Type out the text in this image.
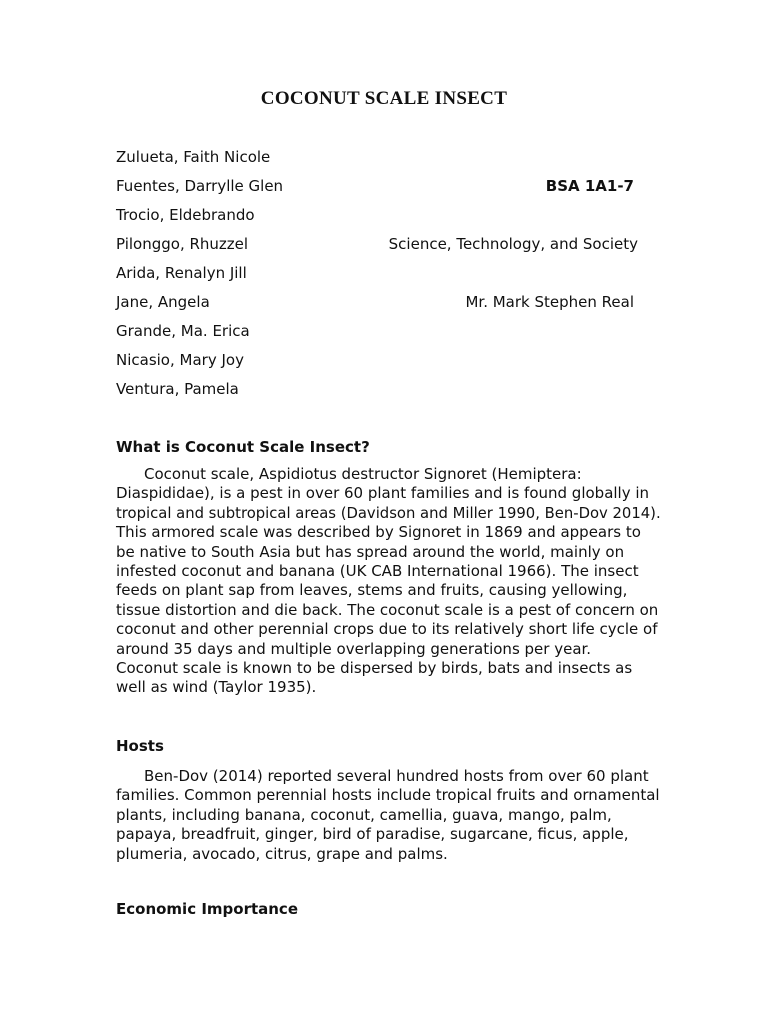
COCONUT SCALE INSECT
Zulueta, Faith Nicole
Fuentes, Darrylle Glen
Trocio, Eldebrando
Pilonggo, Rhuzzel
Arida, Renalyn Jill
Jane, Angela
Grande, Ma. Erica
Nicasio, Mary Joy
Ventura, Pamela
BSA 1A1-7
Science, Technology, and Society
Mr. Mark Stephen Real
What is Coconut Scale Insect?
Coconut scale, Aspidiotus destructor Signoret (Hemiptera:
Diaspididae), is a pest in over 60 plant families and is found globally in
tropical and subtropical areas (Davidson and Miller 1990, Ben-Dov 2014).
This armored scale was described by Signoret in 1869 and appears to
be native to South Asia but has spread around the world, mainly on
infested coconut and banana (UK CAB International 1966). The insect
feeds on plant sap from leaves, stems and fruits, causing yellowing,
tissue distortion and die back. The coconut scale is a pest of concern on
coconut and other perennial crops due to its relatively short life cycle of
around 35 days and multiple overlapping generations per year.
Coconut scale is known to be dispersed by birds, bats and insects as
well as wind (Taylor 1935).
Hosts
Ben-Dov (2014) reported several hundred hosts from over 60 plant
families. Common perennial hosts include tropical fruits and ornamental
plants, including banana, coconut, camellia, guava, mango, palm,
papaya, breadfruit, ginger, bird of paradise, sugarcane, ficus, apple,
plumeria, avocado, citrus, grape and palms.
Economic Importance
